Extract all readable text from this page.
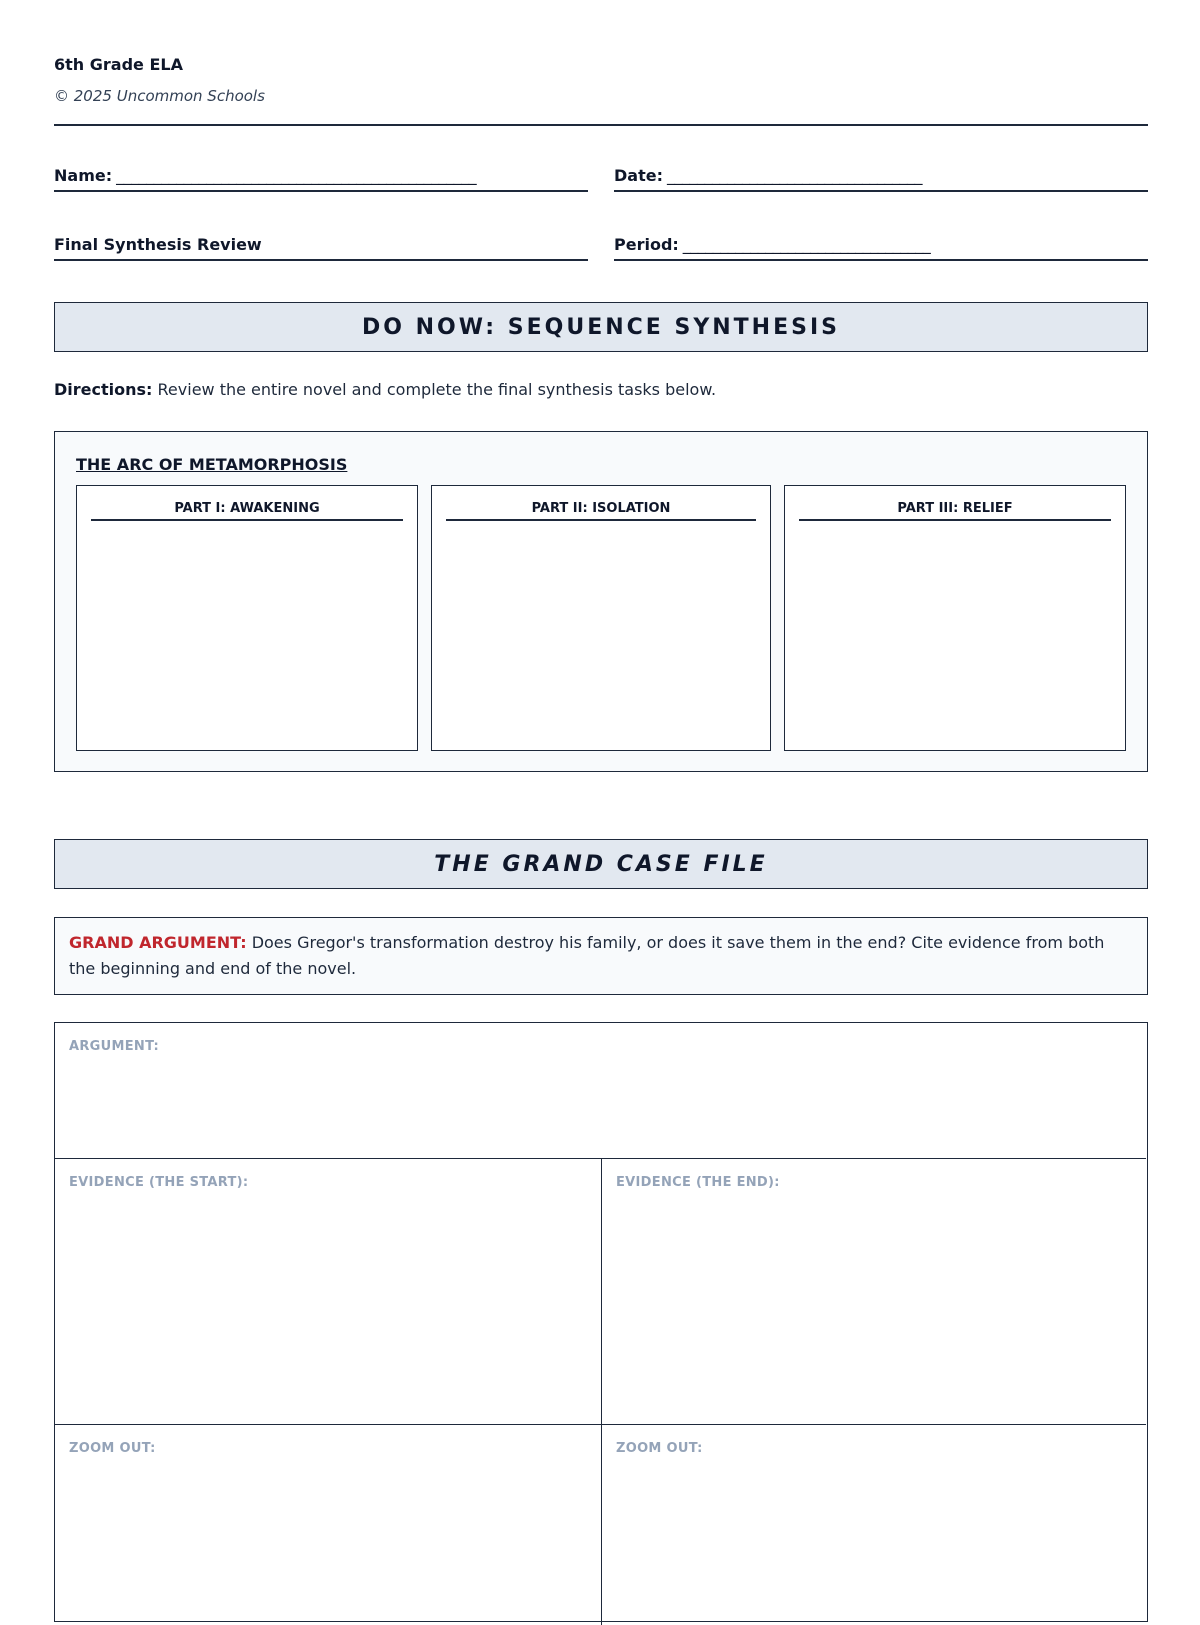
6th Grade ELA
© 2025 Uncommon Schools
Name: ________________________________________________	Date: __________________________________
Final Synthesis Review	Period: _________________________________
DO NOW: SEQUENCE SYNTHESIS
Directions: Review the entire novel and complete the final synthesis tasks below.
THE ARC OF METAMORPHOSIS
PART I: AWAKENING	PART II: ISOLATION	PART III: RELIEF
THE GRAND CASE FILE
GRAND ARGUMENT: Does Gregor's transformation destroy his family, or does it save them in the end? Cite evidence from both the beginning and end of the novel.
ARGUMENT:
EVIDENCE (THE START):	EVIDENCE (THE END):
ZOOM OUT:	ZOOM OUT:
